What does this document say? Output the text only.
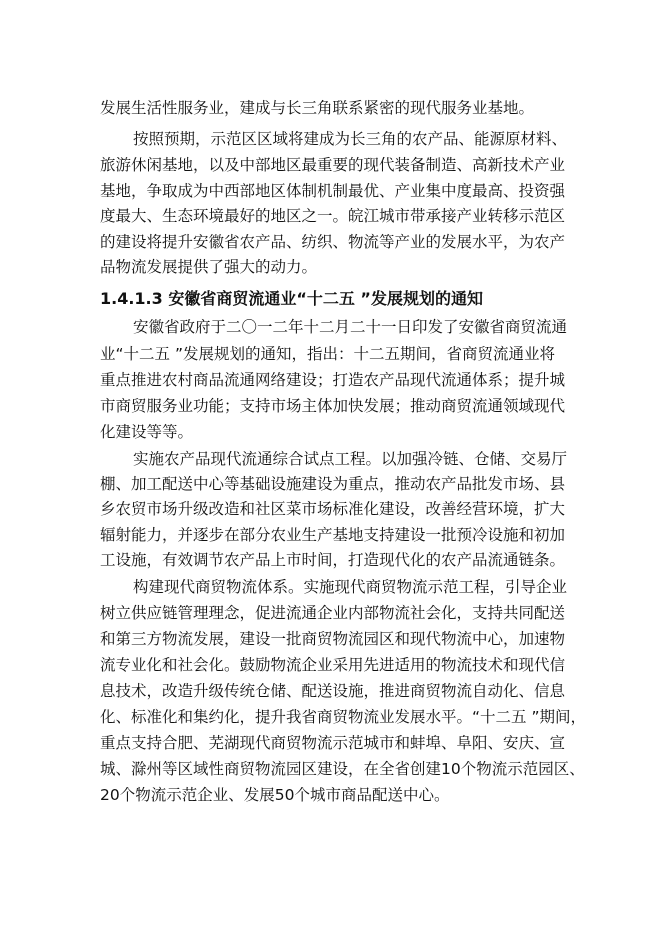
发展生活性服务业，建成与长三角联系紧密的现代服务业基地。
按照预期，示范区区域将建成为长三角的农产品、能源原材料、
旅游休闲基地，以及中部地区最重要的现代装备制造、高新技术产业
基地，争取成为中西部地区体制机制最优、产业集中度最高、投资强
度最大、生态环境最好的地区之一。皖江城市带承接产业转移示范区
的建设将提升安徽省农产品、纺织、物流等产业的发展水平，为农产
品物流发展提供了强大的动力。
1.4.1.3 安徽省商贸流通业“十二五 ”发展规划的通知
安徽省政府于二〇一二年十二月二十一日印发了安徽省商贸流通
业“十二五 ”发展规划的通知，指出：十二五期间，省商贸流通业将
重点推进农村商品流通网络建设；打造农产品现代流通体系；提升城
市商贸服务业功能；支持市场主体加快发展；推动商贸流通领域现代
化建设等等。
实施农产品现代流通综合试点工程。以加强冷链、仓储、交易厅
棚、加工配送中心等基础设施建设为重点，推动农产品批发市场、县
乡农贸市场升级改造和社区菜市场标准化建设，改善经营环境，扩大
辐射能力，并逐步在部分农业生产基地支持建设一批预冷设施和初加
工设施，有效调节农产品上市时间，打造现代化的农产品流通链条。
构建现代商贸物流体系。实施现代商贸物流示范工程，引导企业
树立供应链管理理念，促进流通企业内部物流社会化，支持共同配送
和第三方物流发展，建设一批商贸物流园区和现代物流中心，加速物
流专业化和社会化。鼓励物流企业采用先进适用的物流技术和现代信
息技术，改造升级传统仓储、配送设施，推进商贸物流自动化、信息
化、标准化和集约化，提升我省商贸物流业发展水平。“十二五 ”期间，
重点支持合肥、芜湖现代商贸物流示范城市和蚌埠、阜阳、安庆、宣
城、滁州等区域性商贸物流园区建设，在全省创建10个物流示范园区、
20个物流示范企业、发展50个城市商品配送中心。
